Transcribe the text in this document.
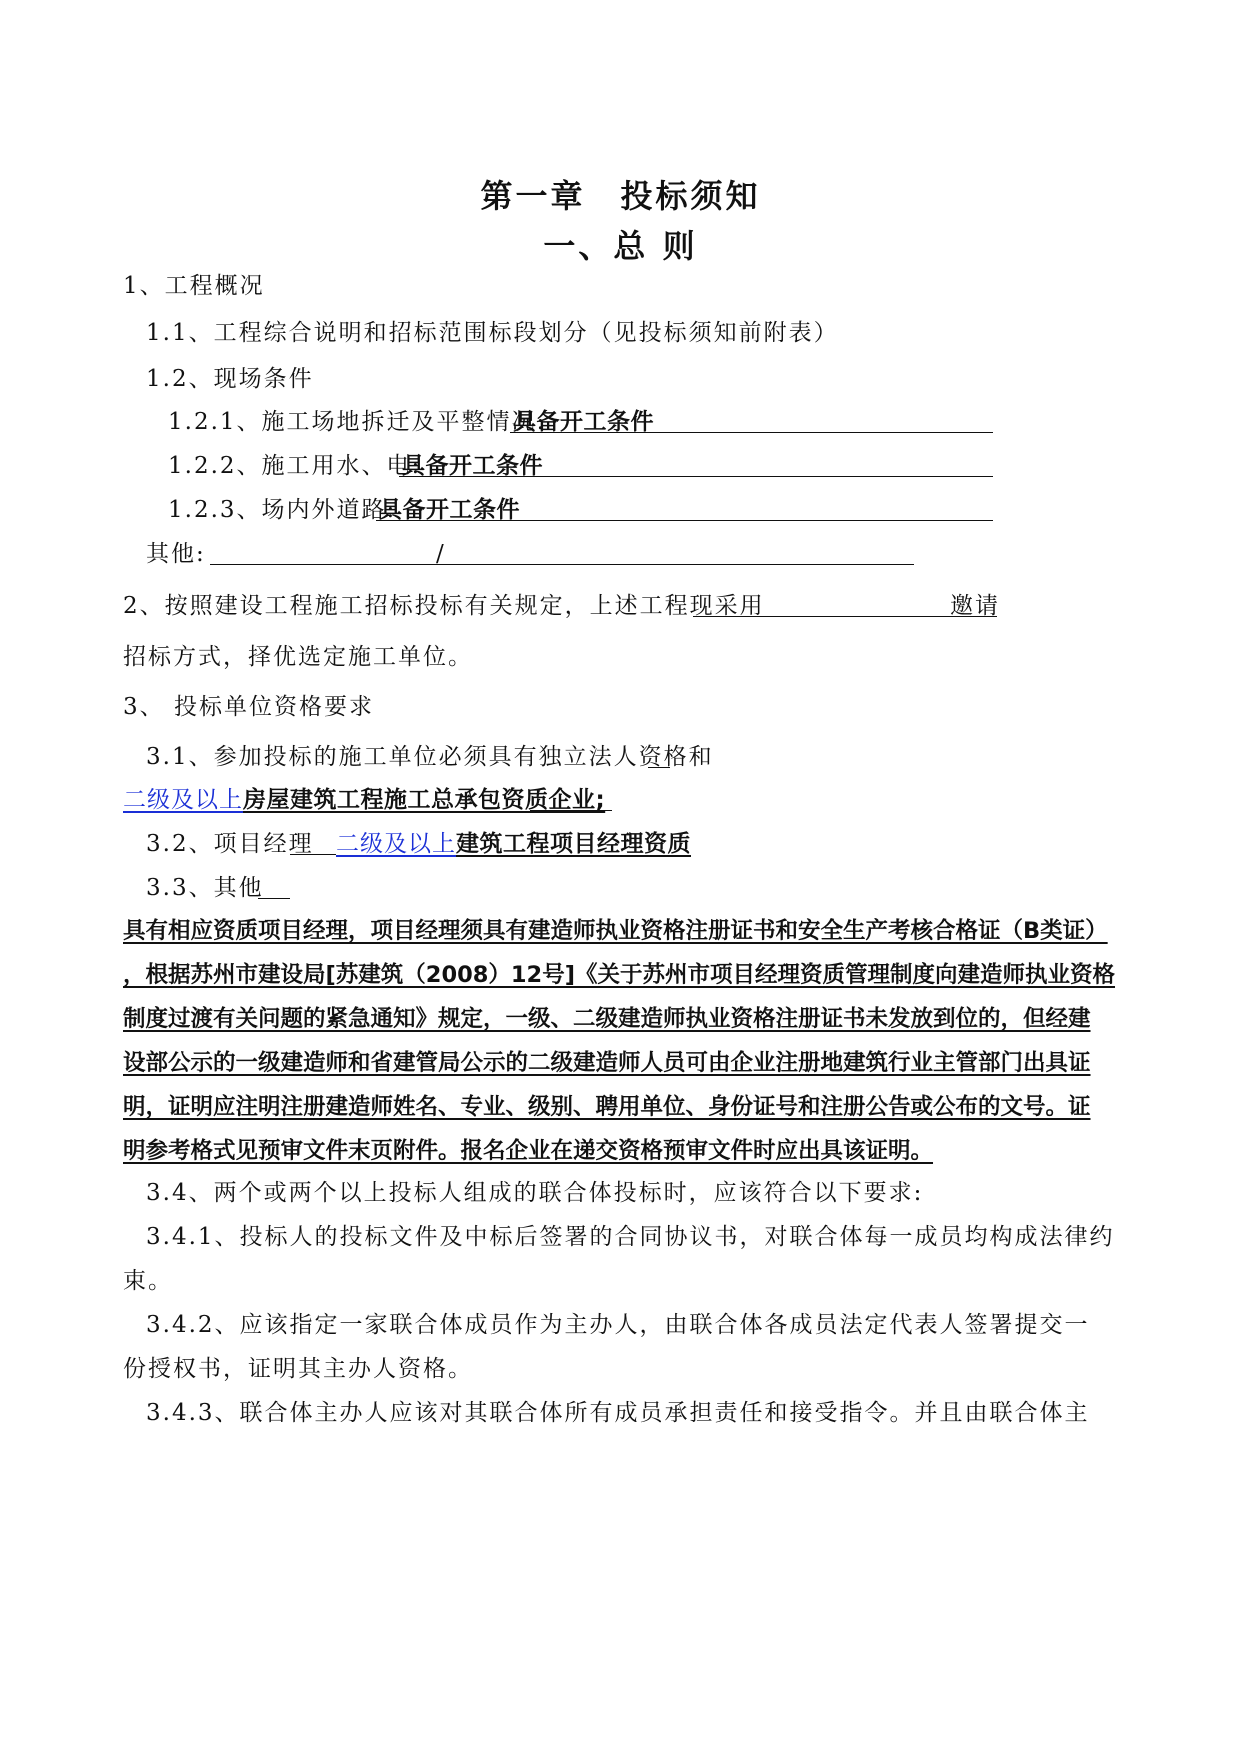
第一章　投标须知
一、总 则
1、工程概况
1.1、工程综合说明和招标范围标段划分（见投标须知前附表）
1.2、现场条件
1.2.1、施工场地拆迁及平整情况:
具备开工条件
1.2.2、施工用水、电:
具备开工条件
1.2.3、场内外道路:
具备开工条件
其他:	/
2、按照建设工程施工招标投标有关规定，上述工程现采用	邀请
招标方式，择优选定施工单位。
3、 投标单位资格要求
3.1、参加投标的施工单位必须具有独立法人资格和
二级及以上房屋建筑工程施工总承包资质企业;
3.2、项目经理 二级及以上建筑工程项目经理资质
3.3、其他
具有相应资质项目经理，项目经理须具有建造师执业资格注册证书和安全生产考核合格证（B类证）
，根据苏州市建设局[苏建筑（2008）12号]《关于苏州市项目经理资质管理制度向建造师执业资格
制度过渡有关问题的紧急通知》规定，一级、二级建造师执业资格注册证书未发放到位的，但经建
设部公示的一级建造师和省建管局公示的二级建造师人员可由企业注册地建筑行业主管部门出具证
明，证明应注明注册建造师姓名、专业、级别、聘用单位、身份证号和注册公告或公布的文号。证
明参考格式见预审文件末页附件。报名企业在递交资格预审文件时应出具该证明。
3.4、两个或两个以上投标人组成的联合体投标时，应该符合以下要求:
3.4.1、投标人的投标文件及中标后签署的合同协议书，对联合体每一成员均构成法律约
束。
3.4.2、应该指定一家联合体成员作为主办人，由联合体各成员法定代表人签署提交一
份授权书，证明其主办人资格。
3.4.3、联合体主办人应该对其联合体所有成员承担责任和接受指令。并且由联合体主
